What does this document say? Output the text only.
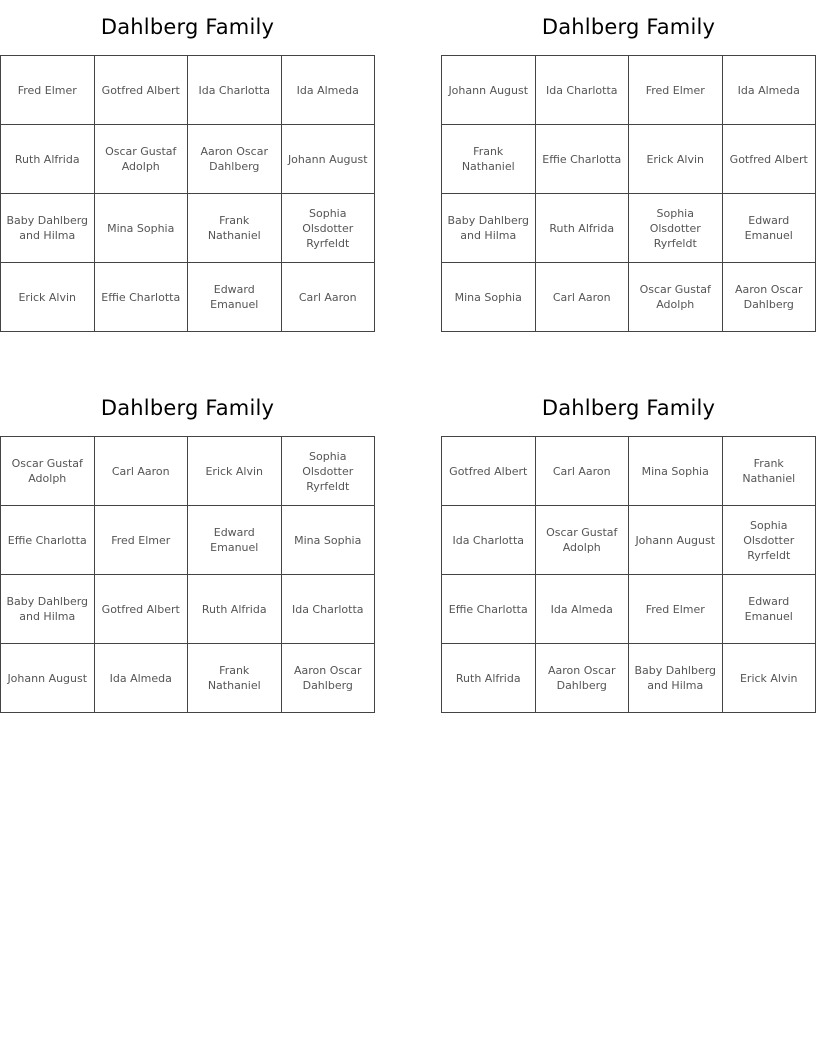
Dahlberg Family
Fred Elmer	Gotfred Albert	Ida Charlotta	Ida Almeda
Ruth Alfrida	Oscar Gustaf Adolph	Aaron Oscar Dahlberg	Johann August
Baby Dahlberg and Hilma	Mina Sophia	Frank Nathaniel	Sophia Olsdotter Ryrfeldt
Erick Alvin	Effie Charlotta	Edward Emanuel	Carl Aaron
Dahlberg Family
Johann August	Ida Charlotta	Fred Elmer	Ida Almeda
Frank Nathaniel	Effie Charlotta	Erick Alvin	Gotfred Albert
Baby Dahlberg and Hilma	Ruth Alfrida	Sophia Olsdotter Ryrfeldt	Edward Emanuel
Mina Sophia	Carl Aaron	Oscar Gustaf Adolph	Aaron Oscar Dahlberg
Dahlberg Family
Oscar Gustaf Adolph	Carl Aaron	Erick Alvin	Sophia Olsdotter Ryrfeldt
Effie Charlotta	Fred Elmer	Edward Emanuel	Mina Sophia
Baby Dahlberg and Hilma	Gotfred Albert	Ruth Alfrida	Ida Charlotta
Johann August	Ida Almeda	Frank Nathaniel	Aaron Oscar Dahlberg
Dahlberg Family
Gotfred Albert	Carl Aaron	Mina Sophia	Frank Nathaniel
Ida Charlotta	Oscar Gustaf Adolph	Johann August	Sophia Olsdotter Ryrfeldt
Effie Charlotta	Ida Almeda	Fred Elmer	Edward Emanuel
Ruth Alfrida	Aaron Oscar Dahlberg	Baby Dahlberg and Hilma	Erick Alvin
